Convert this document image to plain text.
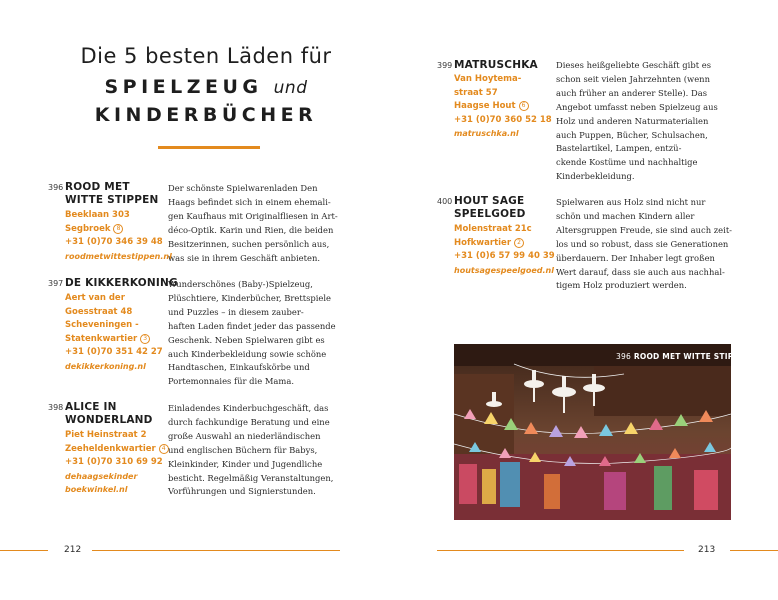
Die 5 besten Läden für
SPIELZEUG und
KINDERBÜCHER
396 ROOD MET
WITTE STIPPEN
Beeklaan 303
Segbroek 8
+31 (0)70 346 39 48
roodmetwittestippen.nl
Der schönste Spielwarenladen Den
Haags befindet sich in einem ehemali-
gen Kaufhaus mit Originalfliesen in Art-
déco-Optik. Karin und Rien, die beiden
Besitzerinnen, suchen persönlich aus,
was sie in ihrem Geschäft anbieten.
397 DE KIKKERKONING
Aert van der
Goesstraat 48
Scheveningen -
Statenkwartier 3
+31 (0)70 351 42 27
dekikkerkoning.nl
Wunderschönes (Baby-)Spielzeug,
Plüschtiere, Kinderbücher, Brettspiele
und Puzzles – in diesem zauber-
haften Laden findet jeder das passende
Geschenk. Neben Spielwaren gibt es
auch Kinderbekleidung sowie schöne
Handtaschen, Einkaufskörbe und
Portemonnaies für die Mama.
398 ALICE IN
WONDERLAND
Piet Heinstraat 2
Zeeheldenkwartier 4
+31 (0)70 310 69 92
dehaagsekinder
boekwinkel.nl
Einladendes Kinderbuchgeschäft, das
durch fachkundige Beratung und eine
große Auswahl an niederländischen
und englischen Büchern für Babys,
Kleinkinder, Kinder und Jugendliche
besticht. Regelmäßig Veranstaltungen,
Vorführungen und Signierstunden.
399 MATRUSCHKA
Van Hoytema-
straat 57
Haagse Hout 6
+31 (0)70 360 52 18
matruschka.nl
Dieses heißgeliebte Geschäft gibt es
schon seit vielen Jahrzehnten (wenn
auch früher an anderer Stelle). Das
Angebot umfasst neben Spielzeug aus
Holz und anderen Naturmaterialien
auch Puppen, Bücher, Schulsachen,
Bastelartikel, Lampen, entzü-
ckende Kostüme und nachhaltige
Kinderbekleidung.
400 HOUT SAGE
SPEELGOED
Molenstraat 21c
Hofkwartier 2
+31 (0)6 57 99 40 39
houtsagespeelgoed.nl
Spielwaren aus Holz sind nicht nur
schön und machen Kindern aller
Altersgruppen Freude, sie sind auch zeit-
los und so robust, dass sie Generationen
überdauern. Der Inhaber legt großen
Wert darauf, dass sie auch aus nachhal-
tigem Holz produziert werden.
396 ROOD MET WITTE STIPPEN
212	213
